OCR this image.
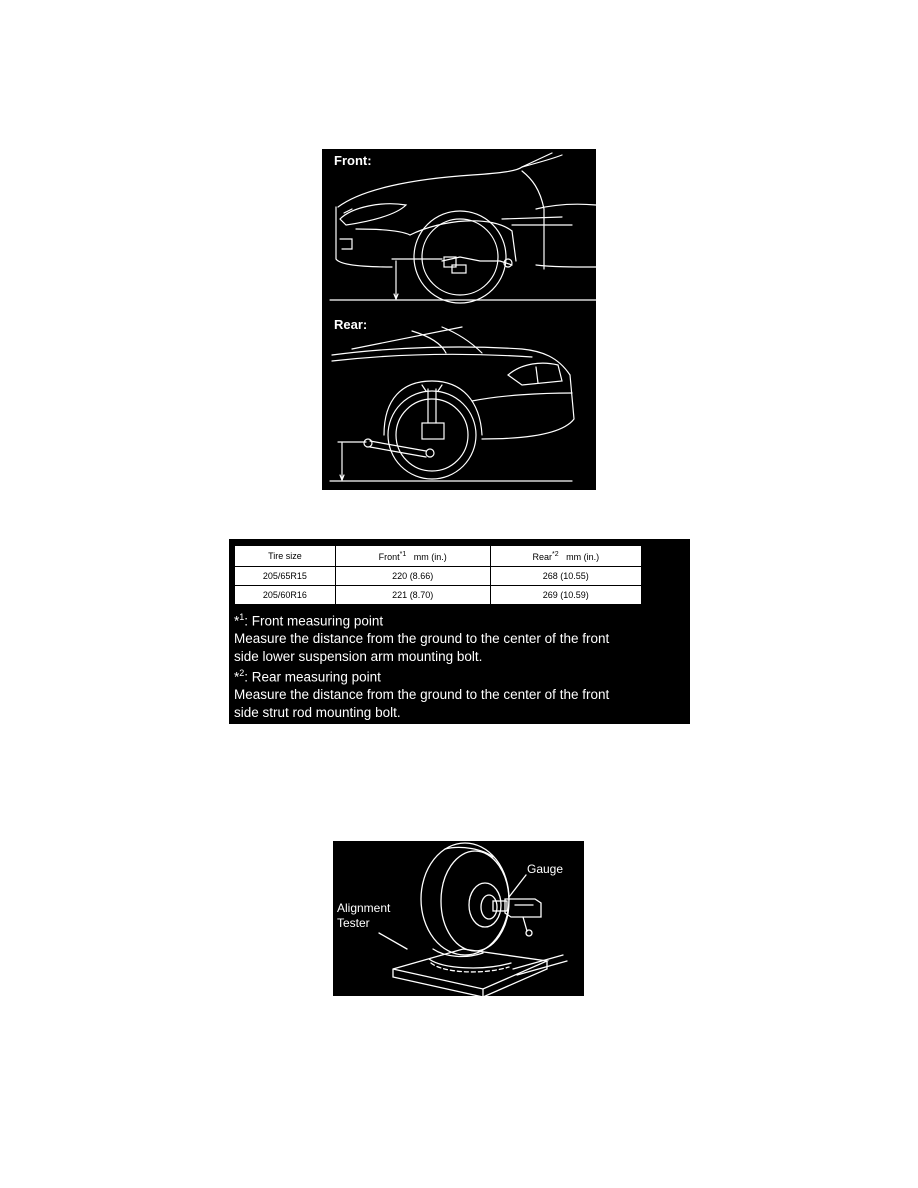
Front:
Rear:
Tire size	Front$^{*1}$ mm (in.)	Rear$^{*2}$ mm (in.)
205/65R15	220 (8.66)	268 (10.55)
205/60R16	221 (8.70)	269 (10.59)

*$^1$: Front measuring point

Measure the distance from the ground to the center of the front

side lower suspension arm mounting bolt.

*$^2$: Rear measuring point

Measure the distance from the ground to the center of the front

side strut rod mounting bolt.

Gauge
Alignment
Tester
